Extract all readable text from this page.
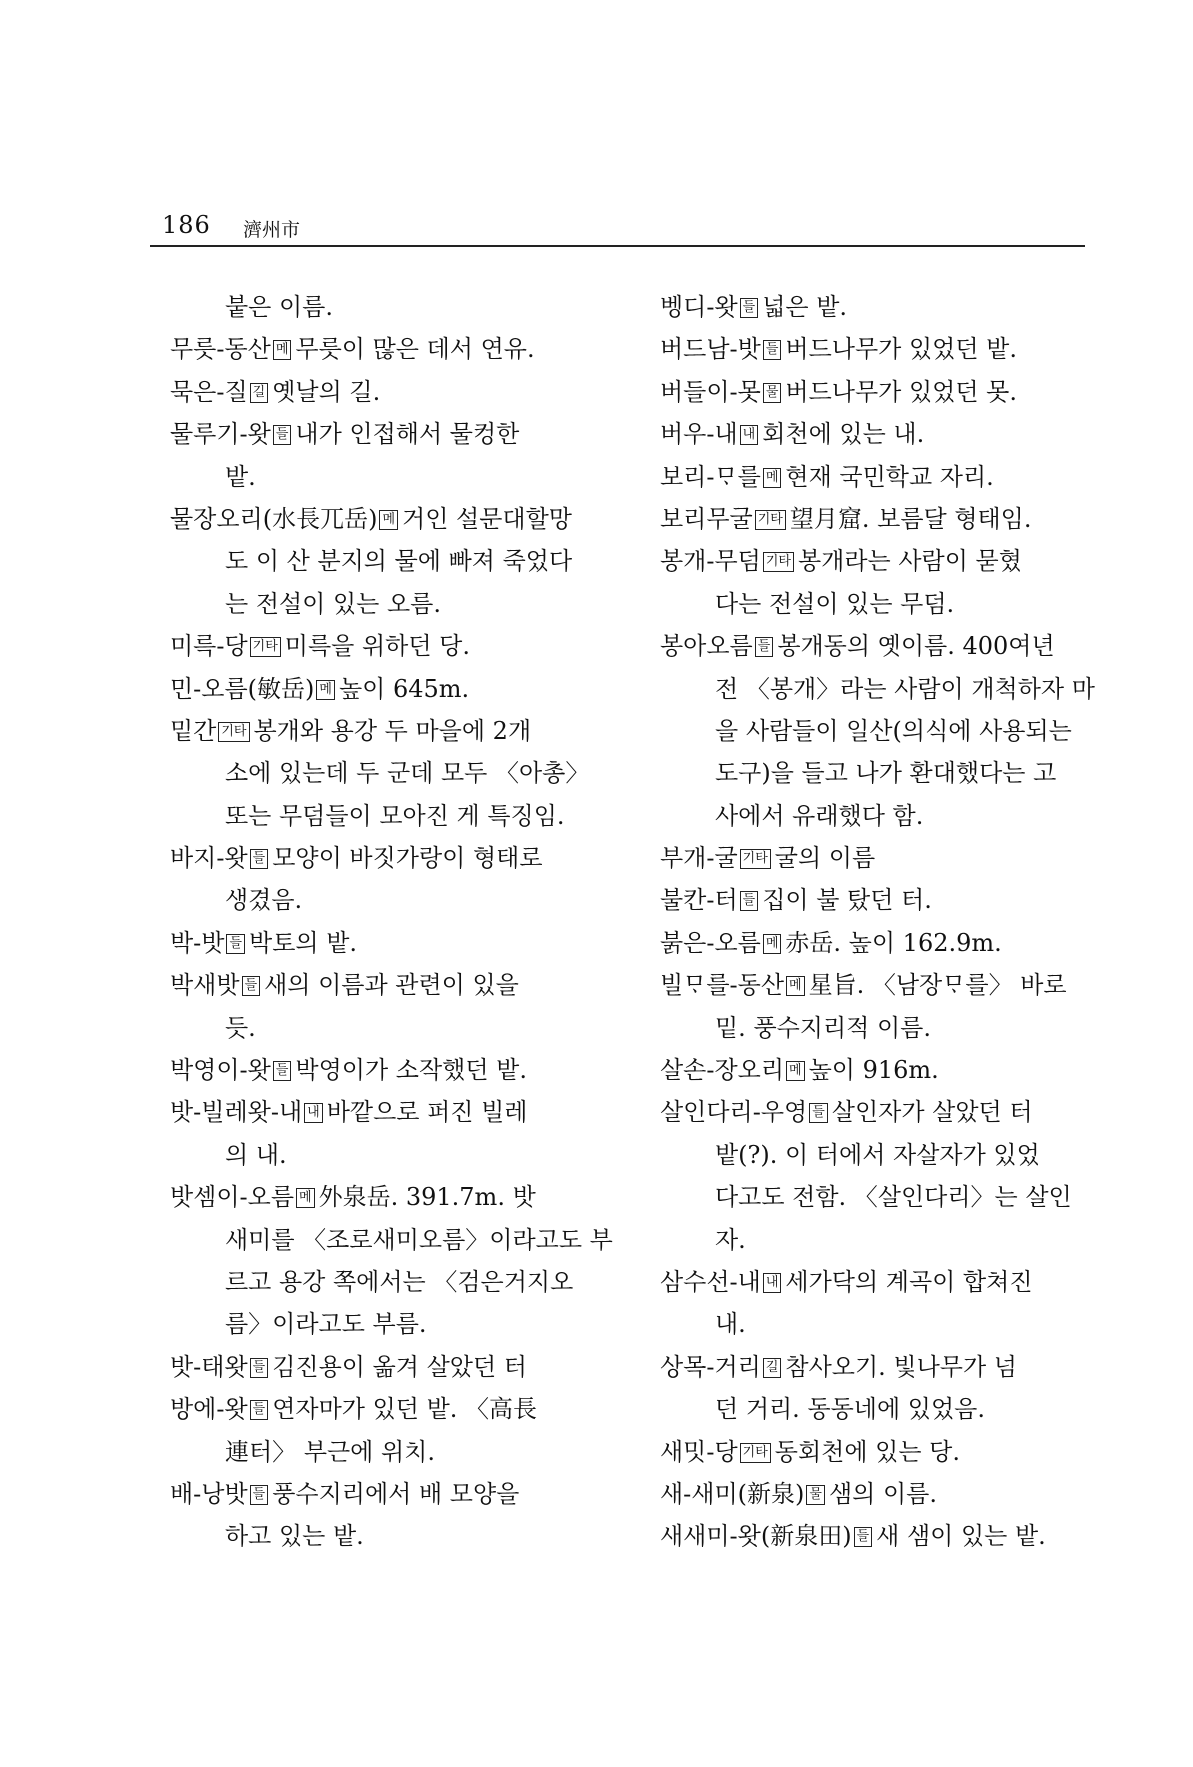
186 濟州市
붙은 이름.
무릇-동산 메 무릇이 많은 데서 연유.
묵은-질 길 옛날의 길.
물루기-왓 들 내가 인접해서 물컹한
밭.
물장오리(水長兀岳) 메 거인 설문대할망
도 이 산 분지의 물에 빠져 죽었다
는 전설이 있는 오름.
미륵-당 기타 미륵을 위하던 당.
민-오름(敏岳) 메 높이 645m.
밑간 기타 봉개와 용강 두 마을에 2개
소에 있는데 두 군데 모두 〈아총〉
또는 무덤들이 모아진 게 특징임.
바지-왓 들 모양이 바짓가랑이 형태로
생겼음.
박-밧 들 박토의 밭.
박새밧 들 새의 이름과 관련이 있을
듯.
박영이-왓 들 박영이가 소작했던 밭.
밧-빌레왓-내 내 바깥으로 퍼진 빌레
의 내.
밧셈이-오름 메 外泉岳. 391.7m. 밧
새미를 〈조로새미오름〉이라고도 부
르고 용강 쪽에서는 〈검은거지오
름〉이라고도 부름.
밧-태왓 들 김진용이 옮겨 살았던 터
방에-왓 들 연자마가 있던 밭. 〈高長
連터〉 부근에 위치.
배-낭밧 들 풍수지리에서 배 모양을
하고 있는 밭.
벵디-왓 들 넓은 밭.
버드남-밧 들 버드나무가 있었던 밭.
버들이-못 물 버드나무가 있었던 못.
버우-내 내 회천에 있는 내.
보리-ᄆᆞ를 메 현재 국민학교 자리.
보리무굴 기타 望月窟. 보름달 형태임.
봉개-무덤 기타 봉개라는 사람이 묻혔
다는 전설이 있는 무덤.
봉아오름 들 봉개동의 옛이름. 400여년
전 〈봉개〉라는 사람이 개척하자 마
을 사람들이 일산(의식에 사용되는
도구)을 들고 나가 환대했다는 고
사에서 유래했다 함.
부개-굴 기타 굴의 이름
불칸-터 들 집이 불 탔던 터.
붉은-오름 메 赤岳. 높이 162.9m.
빌ᄆᆞ를-동산 메 星旨. 〈남장ᄆᆞ를〉 바로
밑. 풍수지리적 이름.
살손-장오리 메 높이 916m.
살인다리-우영 들 살인자가 살았던 터
밭(?). 이 터에서 자살자가 있었
다고도 전함. 〈살인다리〉는 살인
자.
삼수선-내 내 세가닥의 계곡이 합쳐진
내.
상목-거리 길 참사오기. 빛나무가 넘
던 거리. 동동네에 있었음.
새밋-당 기타 동회천에 있는 당.
새-새미(新泉) 물 샘의 이름.
새새미-왓(新泉田) 들 새 샘이 있는 밭.
